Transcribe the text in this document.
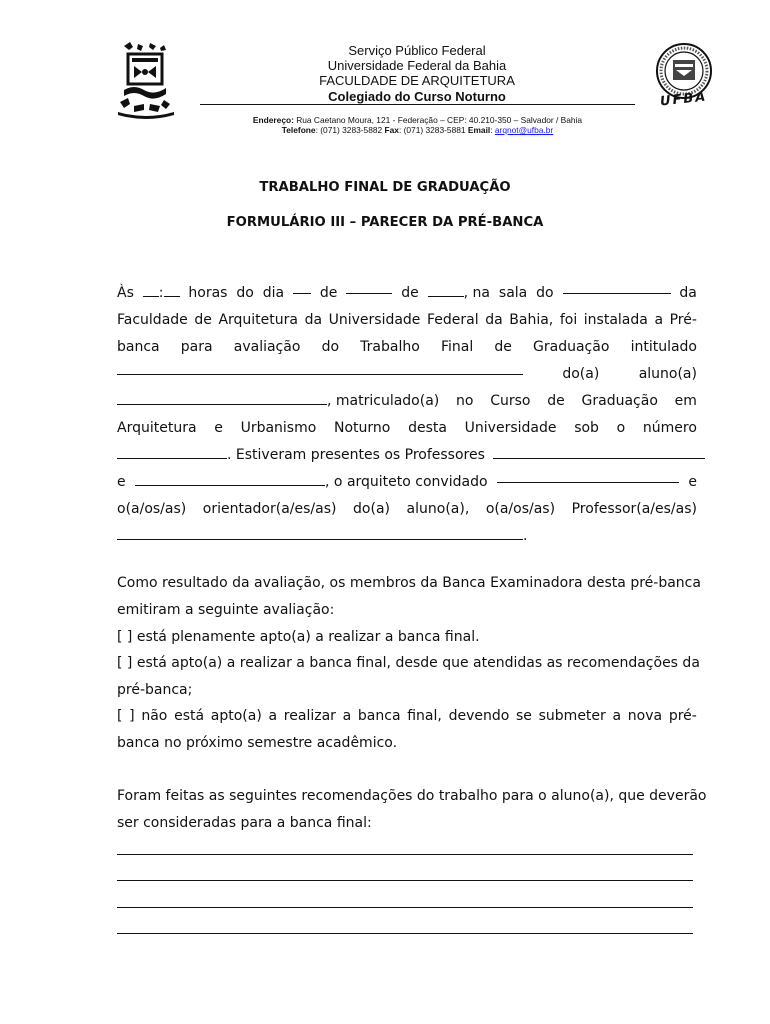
Serviço Público Federal
Universidade Federal da Bahia
FACULDADE DE ARQUITETURA
Colegiado do Curso Noturno
Endereço: Rua Caetano Moura, 121 - Federação – CEP: 40.210-350 – Salvador / Bahia
Telefone: (071) 3283-5882 Fax: (071) 3283-5881 Email: arqnot@ufba.br
UFBA
TRABALHO FINAL DE GRADUAÇÃO
FORMULÁRIO III – PARECER DA PRÉ-BANCA
Às	:	horas do dia	de	de	, na sala do	da
Faculdade de Arquitetura da Universidade Federal da Bahia, foi instalada a Pré-
banca para avaliação do Trabalho Final de Graduação intitulado
do(a)	aluno(a)
, matriculado(a) no Curso de Graduação em
Arquitetura e Urbanismo Noturno desta Universidade sob o número
. Estiveram presentes os Professores
e	, o arquiteto convidado	e
o(a/os/as) orientador(a/es/as) do(a) aluno(a), o(a/os/as) Professor(a/es/as)
.
Como resultado da avaliação, os membros da Banca Examinadora desta pré-banca
emitiram a seguinte avaliação:
[ ] está plenamente apto(a) a realizar a banca final.
[ ] está apto(a) a realizar a banca final, desde que atendidas as recomendações da
pré-banca;
[ ] não está apto(a) a realizar a banca final, devendo se submeter a nova pré-
banca no próximo semestre acadêmico.
Foram feitas as seguintes recomendações do trabalho para o aluno(a), que deverão
ser consideradas para a banca final:
